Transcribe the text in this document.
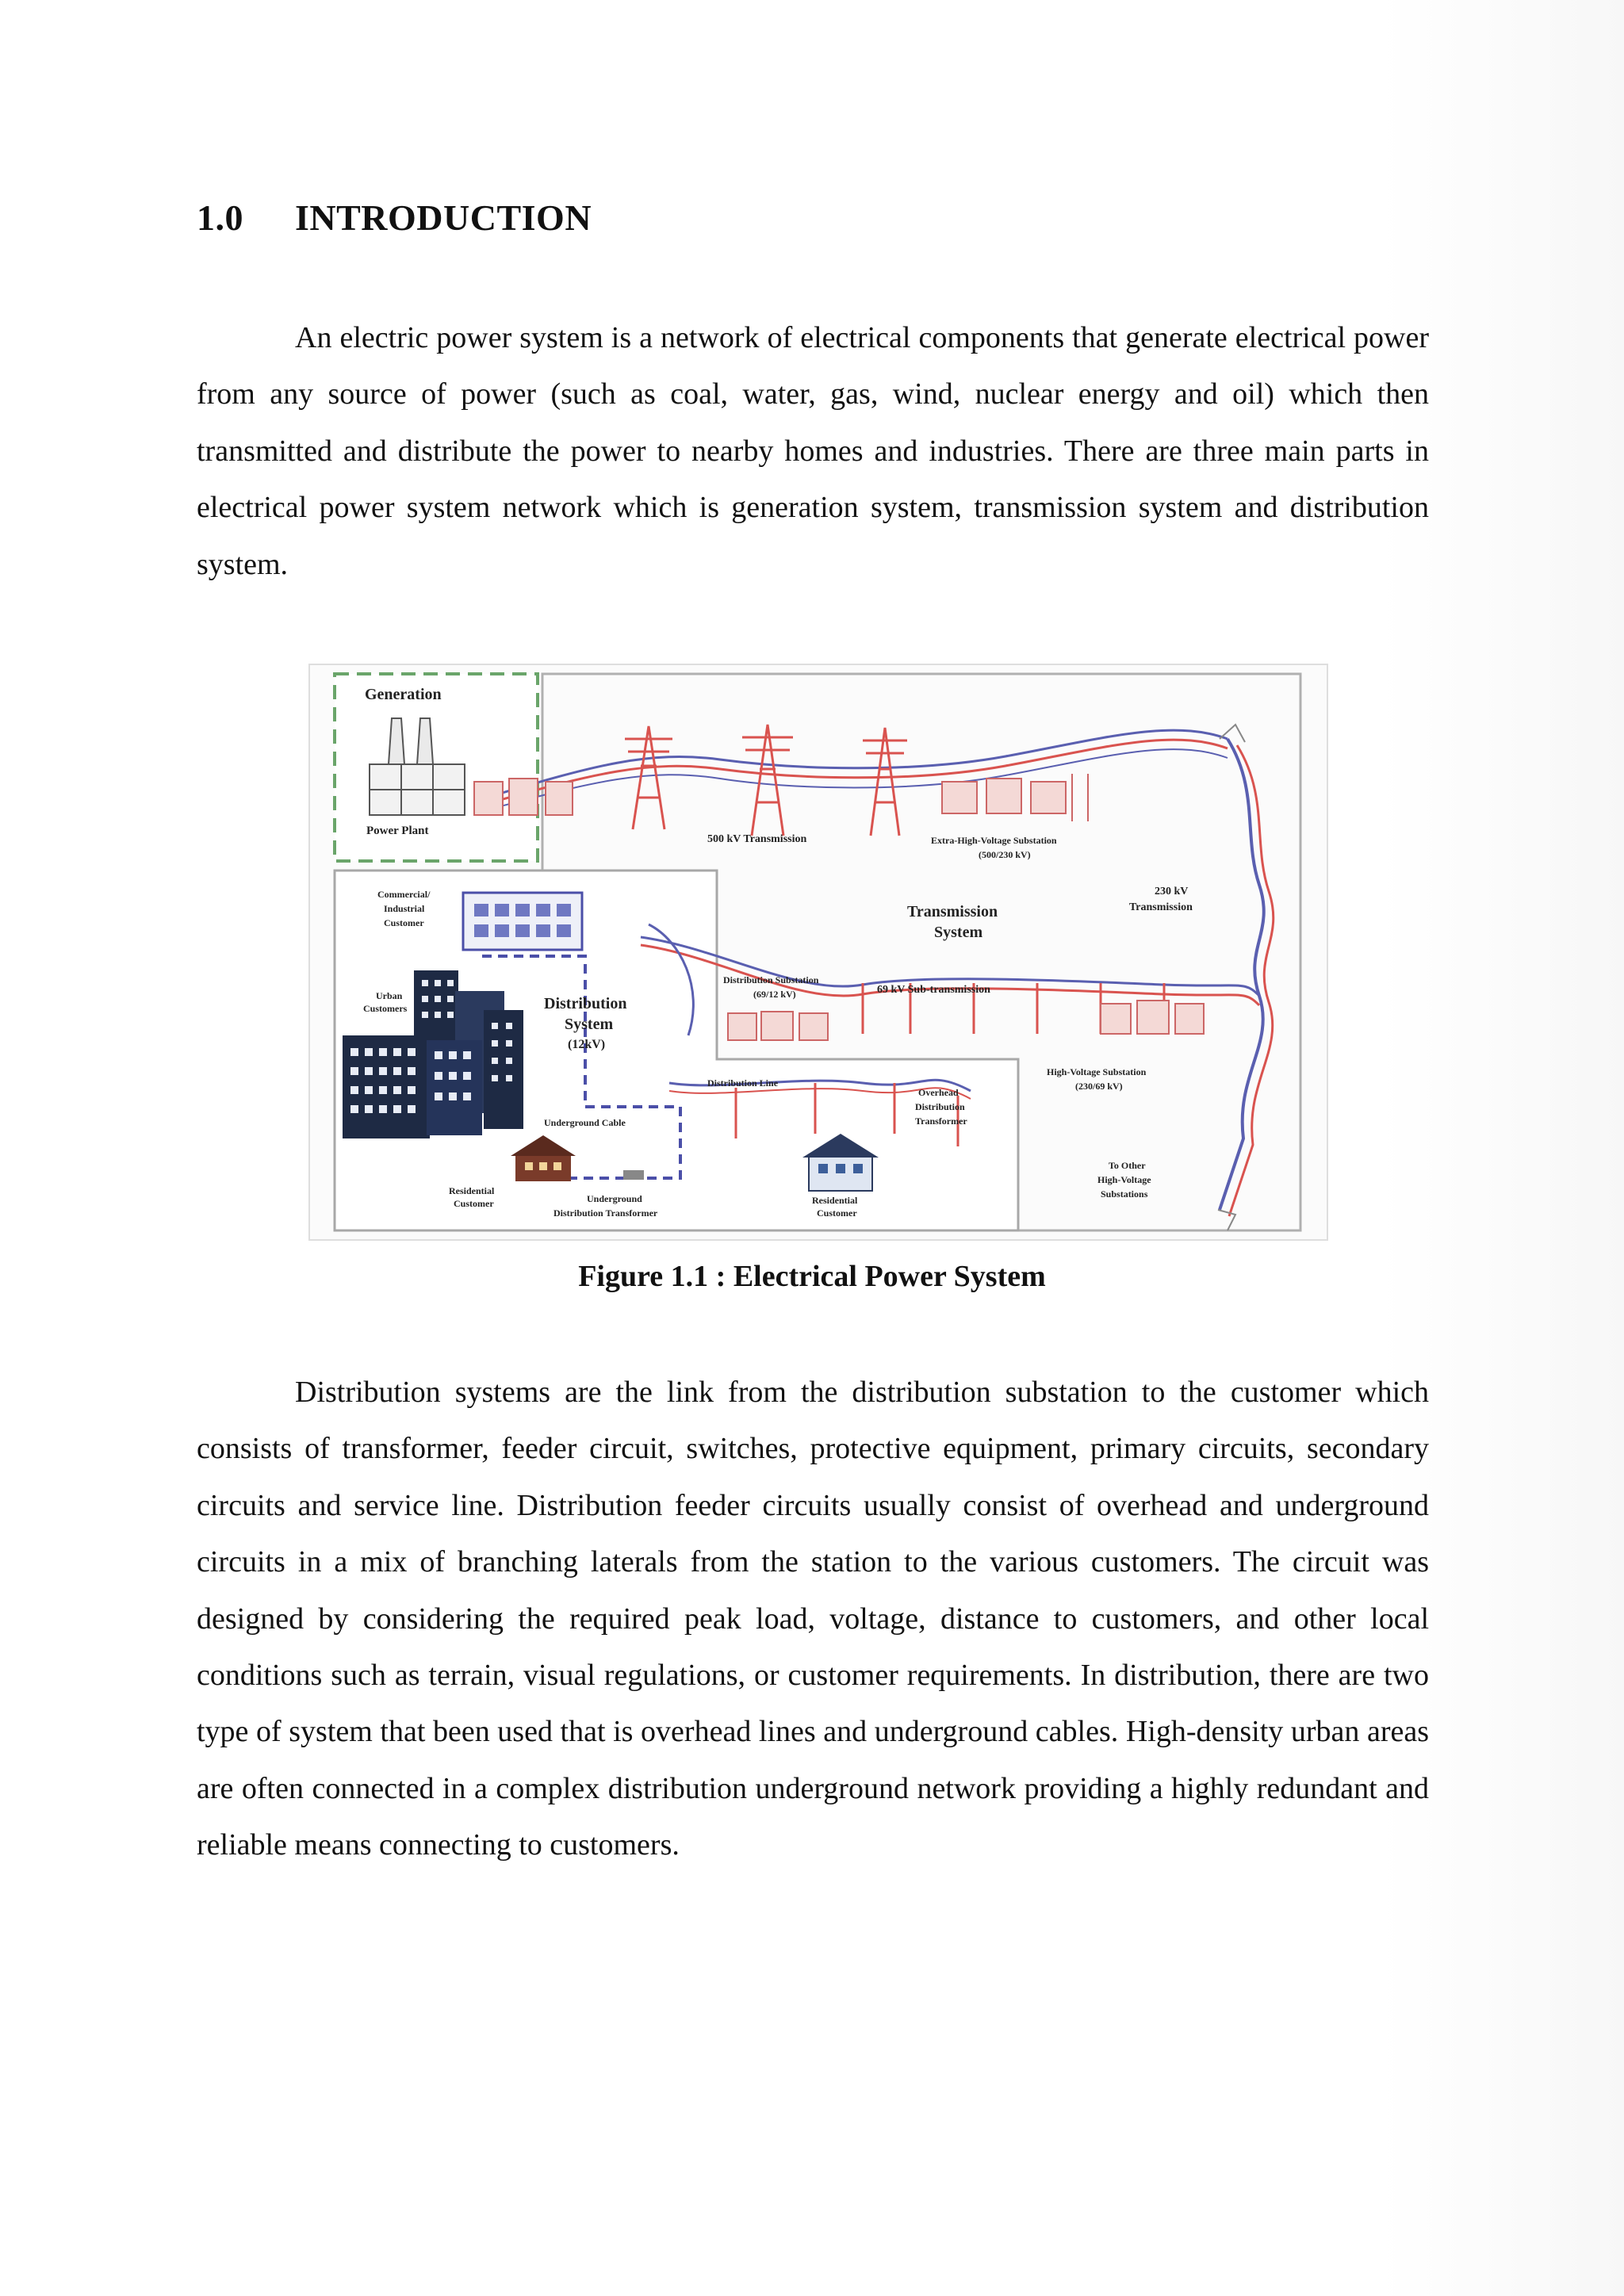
1.0 INTRODUCTION
An electric power system is a network of electrical components that generate electrical power from any source of power (such as coal, water, gas, wind, nuclear energy and oil) which then transmitted and distribute the power to nearby homes and industries. There are three main parts in electrical power system network which is generation system, transmission system and distribution system.
Generation
Power Plant
500 kV Transmission	Extra-High-Voltage Substation
(500/230 kV)
Transmission
System
230 kV
Transmission
Commercial/
Industrial
Customer
Urban
Customers	Distribution
System
(12kV)
Distribution Substation
(69/12 kV)	69 kV Sub-transmission
High-Voltage Substation
(230/69 kV)
Distribution Line
Overhead
Distribution
Transformer
Underground Cable
Residential
Customer	Underground
Distribution Transformer
Residential
Customer
To Other
High-Voltage
Substations
Figure 1.1 : Electrical Power System
Distribution systems are the link from the distribution substation to the customer which consists of transformer, feeder circuit, switches, protective equipment, primary circuits, secondary circuits and service line. Distribution feeder circuits usually consist of overhead and underground circuits in a mix of branching laterals from the station to the various customers. The circuit was designed by considering the required peak load, voltage, distance to customers, and other local conditions such as terrain, visual regulations, or customer requirements. In distribution, there are two type of system that been used that is overhead lines and underground cables. High-density urban areas are often connected in a complex distribution underground network providing a highly redundant and reliable means connecting to customers.
